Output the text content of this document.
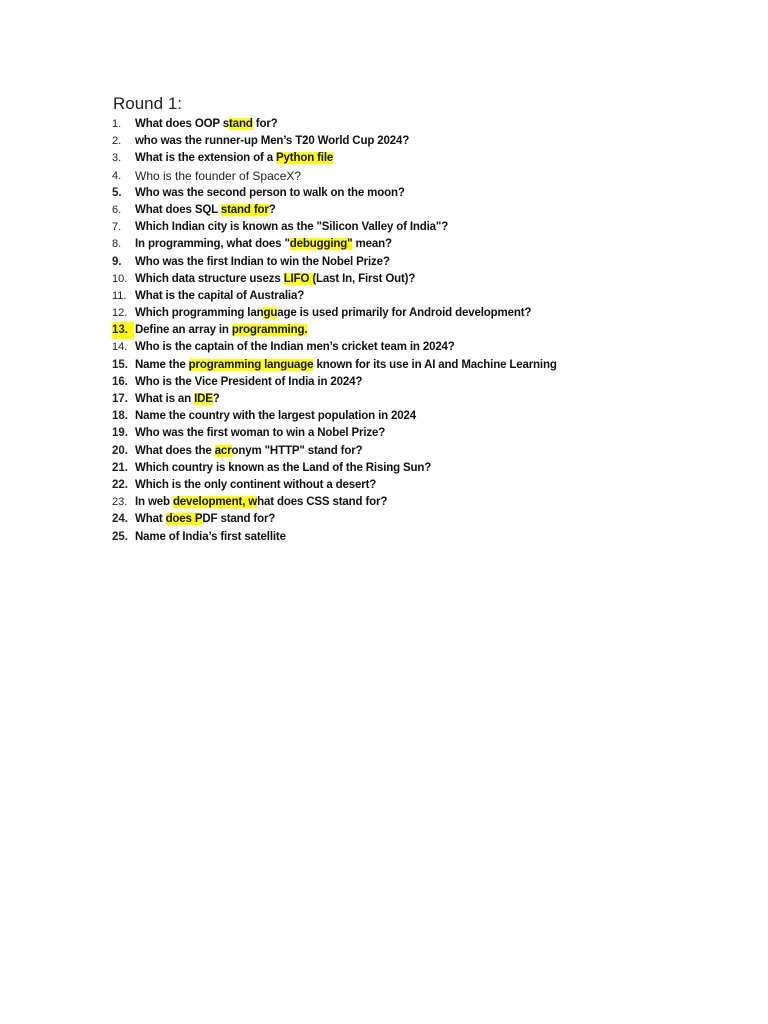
Round 1:
1.	What does OOP stand for?
2.	who was the runner-up Men’s T20 World Cup 2024?
3.	What is the extension of a Python file
4.	Who is the founder of SpaceX?
5.	Who was the second person to walk on the moon?
6.	What does SQL stand for?
7.	Which Indian city is known as the "Silicon Valley of India"?
8.	In programming, what does "debugging" mean?
9.	Who was the first Indian to win the Nobel Prize?
10. Which data structure usezs LIFO (Last In, First Out)?
11. What is the capital of Australia?
12. Which programming language is used primarily for Android development?
13. Define an array in programming.
14. Who is the captain of the Indian men’s cricket team in 2024?
15. Name the programming language known for its use in AI and Machine Learning
16. Who is the Vice President of India in 2024?
17. What is an IDE?
18. Name the country with the largest population in 2024
19. Who was the first woman to win a Nobel Prize?
20. What does the acronym "HTTP" stand for?
21. Which country is known as the Land of the Rising Sun?
22. Which is the only continent without a desert?
23. In web development, what does CSS stand for?
24. What does PDF stand for?
25. Name of India’s first satellite
